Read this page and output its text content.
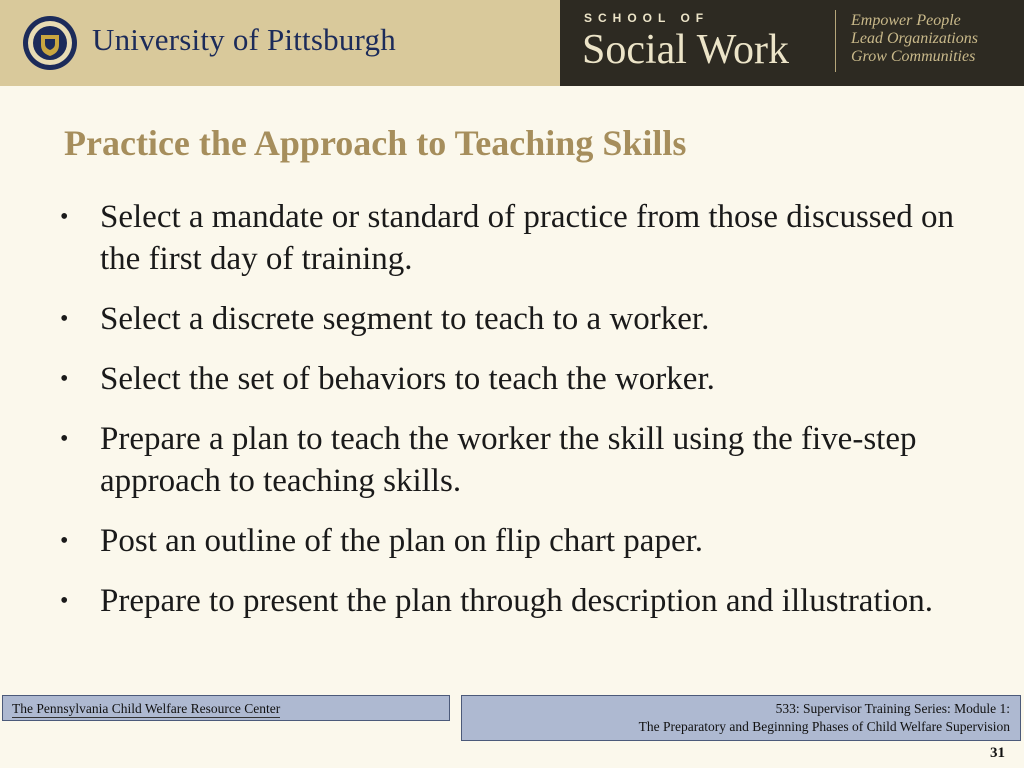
University of Pittsburgh
SCHOOL OF
Social Work
Empower People
Lead Organizations
Grow Communities
Practice the Approach to Teaching Skills
• Select a mandate or standard of practice from those discussed on the first day of training.
• Select a discrete segment to teach to a worker.
• Select the set of behaviors to teach the worker.
• Prepare a plan to teach the worker the skill using the five-step approach to teaching skills.
• Post an outline of the plan on flip chart paper.
• Prepare to present the plan through description and illustration.
The Pennsylvania Child Welfare Resource Center	533: Supervisor Training Series: Module 1:
The Preparatory and Beginning Phases of Child Welfare Supervision
31
